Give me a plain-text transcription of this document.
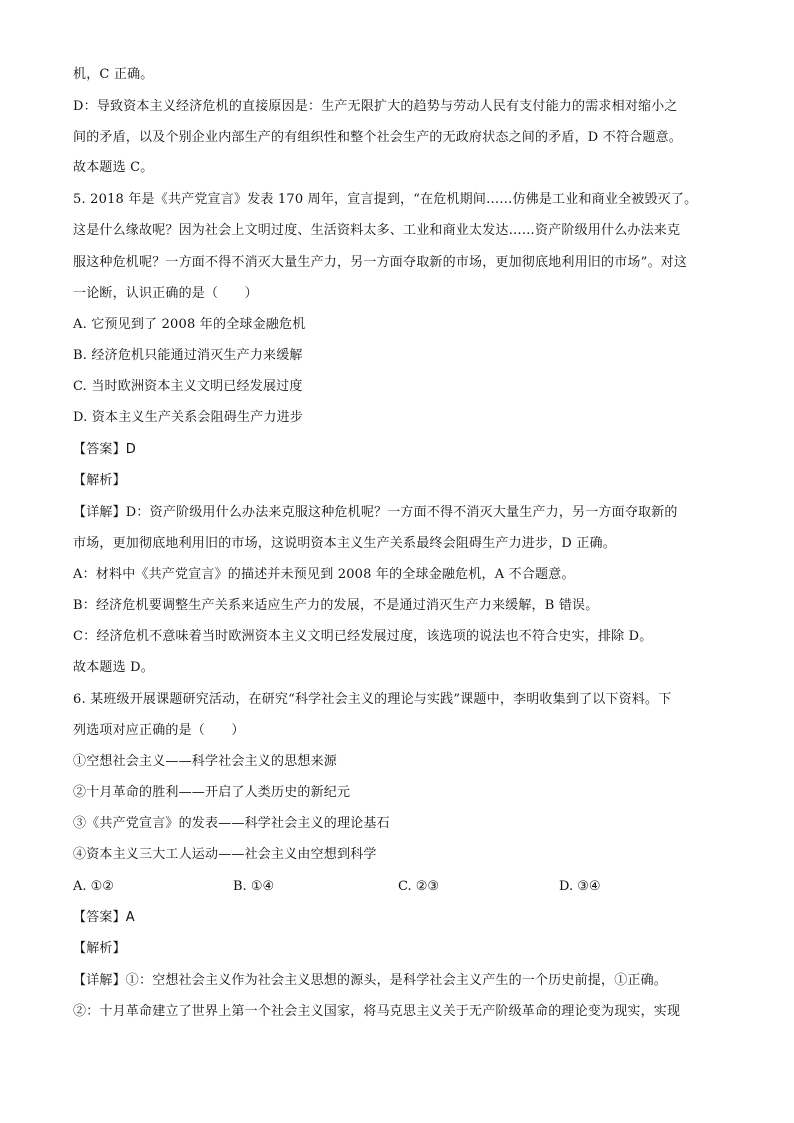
机，C 正确。
D：导致资本主义经济危机的直接原因是：生产无限扩大的趋势与劳动人民有支付能力的需求相对缩小之
间的矛盾，以及个别企业内部生产的有组织性和整个社会生产的无政府状态之间的矛盾，D 不符合题意。
故本题选 C。
5. 2018 年是《共产党宣言》发表 170 周年，宣言提到，“在危机期间……仿佛是工业和商业全被毁灭了。
这是什么缘故呢？因为社会上文明过度、生活资料太多、工业和商业太发达……资产阶级用什么办法来克
服这种危机呢？一方面不得不消灭大量生产力，另一方面夺取新的市场，更加彻底地利用旧的市场”。对这
一论断，认识正确的是（　　）
A. 它预见到了 2008 年的全球金融危机
B. 经济危机只能通过消灭生产力来缓解
C. 当时欧洲资本主义文明已经发展过度
D. 资本主义生产关系会阻碍生产力进步
【答案】D
【解析】
【详解】D：资产阶级用什么办法来克服这种危机呢？一方面不得不消灭大量生产力，另一方面夺取新的
市场，更加彻底地利用旧的市场，这说明资本主义生产关系最终会阻碍生产力进步，D 正确。
A：材料中《共产党宣言》的描述并未预见到 2008 年的全球金融危机，A 不合题意。
B：经济危机要调整生产关系来适应生产力的发展，不是通过消灭生产力来缓解，B 错误。
C：经济危机不意味着当时欧洲资本主义文明已经发展过度，该选项的说法也不符合史实，排除 D。
故本题选 D。
6. 某班级开展课题研究活动，在研究“科学社会主义的理论与实践”课题中，李明收集到了以下资料。下
列选项对应正确的是（　　）
①空想社会主义——科学社会主义的思想来源
②十月革命的胜利——开启了人类历史的新纪元
③《共产党宣言》的发表——科学社会主义的理论基石
④资本主义三大工人运动——社会主义由空想到科学
A. ①②	B. ①④	C. ②③	D. ③④
【答案】A
【解析】
【详解】①：空想社会主义作为社会主义思想的源头，是科学社会主义产生的一个历史前提，①正确。
②：十月革命建立了世界上第一个社会主义国家，将马克思主义关于无产阶级革命的理论变为现实，实现
